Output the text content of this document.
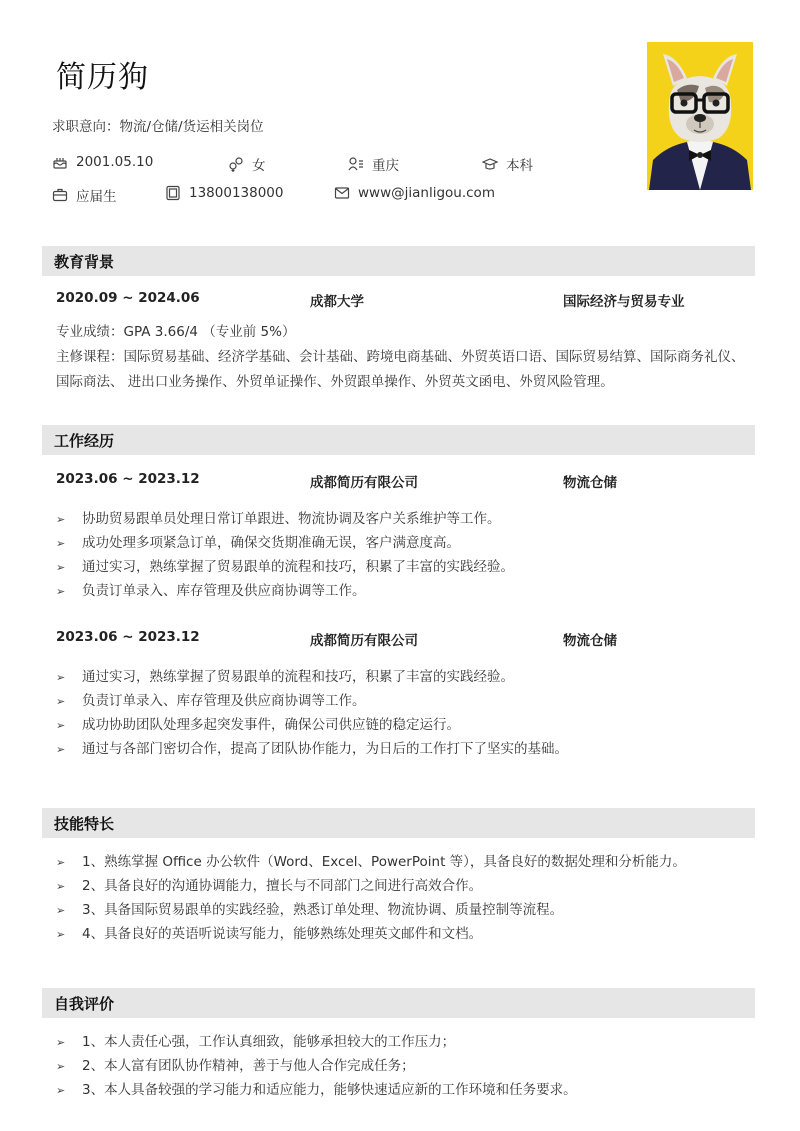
简历狗
求职意向：物流/仓储/货运相关岗位
2001.05.10	女	重庆	本科
应届生	13800138000	www@jianligou.com
教育背景
2020.09 ~ 2024.06	成都大学	国际经济与贸易专业
专业成绩：GPA 3.66/4 （专业前 5%）
主修课程：国际贸易基础、经济学基础、会计基础、跨境电商基础、外贸英语口语、国际贸易结算、国际商务礼仪、国际商法、 进出口业务操作、外贸单证操作、外贸跟单操作、外贸英文函电、外贸风险管理。
工作经历
2023.06 ~ 2023.12	成都简历有限公司	物流仓储
➢ 协助贸易跟单员处理日常订单跟进、物流协调及客户关系维护等工作。
➢ 成功处理多项紧急订单，确保交货期准确无误，客户满意度高。
➢ 通过实习，熟练掌握了贸易跟单的流程和技巧，积累了丰富的实践经验。
➢ 负责订单录入、库存管理及供应商协调等工作。
2023.06 ~ 2023.12	成都简历有限公司	物流仓储
➢ 通过实习，熟练掌握了贸易跟单的流程和技巧，积累了丰富的实践经验。
➢ 负责订单录入、库存管理及供应商协调等工作。
➢ 成功协助团队处理多起突发事件，确保公司供应链的稳定运行。
➢ 通过与各部门密切合作，提高了团队协作能力，为日后的工作打下了坚实的基础。
技能特长
➢ 1、熟练掌握 Office 办公软件（Word、Excel、PowerPoint 等），具备良好的数据处理和分析能力。
➢ 2、具备良好的沟通协调能力，擅长与不同部门之间进行高效合作。
➢ 3、具备国际贸易跟单的实践经验，熟悉订单处理、物流协调、质量控制等流程。
➢ 4、具备良好的英语听说读写能力，能够熟练处理英文邮件和文档。
自我评价
➢ 1、本人责任心强，工作认真细致，能够承担较大的工作压力；
➢ 2、本人富有团队协作精神，善于与他人合作完成任务；
➢ 3、本人具备较强的学习能力和适应能力，能够快速适应新的工作环境和任务要求。
